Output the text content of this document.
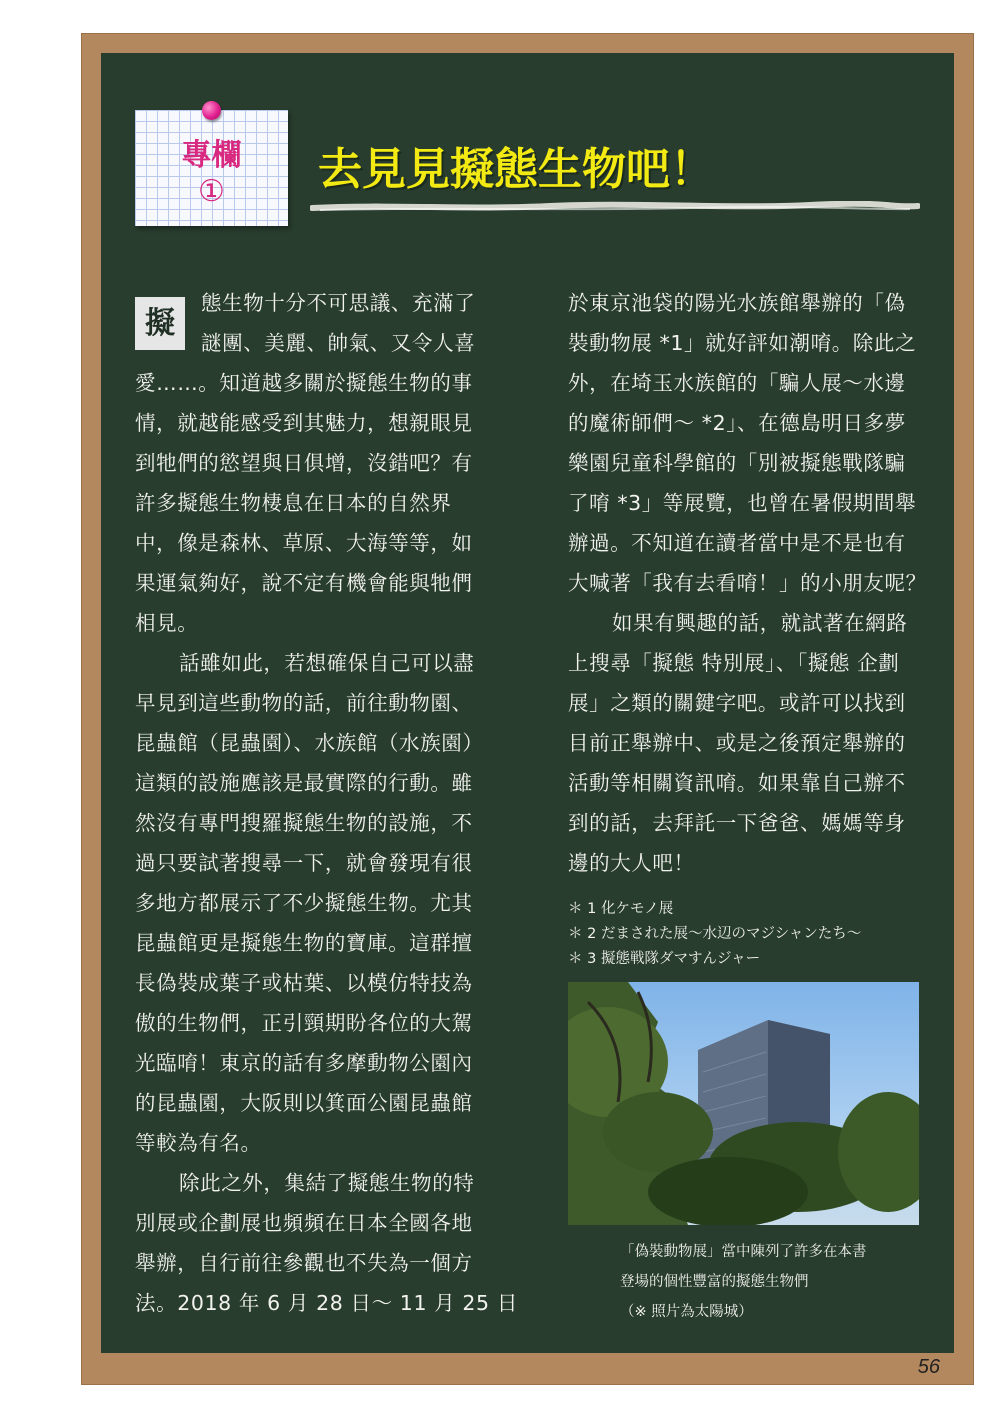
專欄
①	去見見擬態生物吧！
擬
態生物十分不可思議、充滿了
謎團、美麗、帥氣、又令人喜
愛……。知道越多關於擬態生物的事
情，就越能感受到其魅力，想親眼見
到牠們的慾望與日俱增，沒錯吧？有
許多擬態生物棲息在日本的自然界
中，像是森林、草原、大海等等，如
果運氣夠好，說不定有機會能與牠們
相見。
話雖如此，若想確保自己可以盡
早見到這些動物的話，前往動物園、
昆蟲館（昆蟲園）、水族館（水族園）
這類的設施應該是最實際的行動。雖
然沒有專門搜羅擬態生物的設施，不
過只要試著搜尋一下，就會發現有很
多地方都展示了不少擬態生物。尤其
昆蟲館更是擬態生物的寶庫。這群擅
長偽裝成葉子或枯葉、以模仿特技為
傲的生物們，正引頸期盼各位的大駕
光臨唷！東京的話有多摩動物公園內
的昆蟲園，大阪則以箕面公園昆蟲館
等較為有名。
除此之外，集結了擬態生物的特
別展或企劃展也頻頻在日本全國各地
舉辦，自行前往參觀也不失為一個方
法。2018 年 6 月 28 日～ 11 月 25 日
於東京池袋的陽光水族館舉辦的「偽
裝動物展 *1」就好評如潮唷。除此之
外，在埼玉水族館的「騙人展～水邊
的魔術師們～ *2」、在德島明日多夢
樂園兒童科學館的「別被擬態戰隊騙
了唷 *3」等展覽，也曾在暑假期間舉
辦過。不知道在讀者當中是不是也有
大喊著「我有去看唷！」的小朋友呢？
如果有興趣的話，就試著在網路
上搜尋「擬態 特別展」、「擬態 企劃
展」之類的關鍵字吧。或許可以找到
目前正舉辦中、或是之後預定舉辦的
活動等相關資訊唷。如果靠自己辦不
到的話，去拜託一下爸爸、媽媽等身
邊的大人吧！
＊ 1 化ケモノ展
＊ 2 だまされた展～水辺のマジシャンたち～
＊ 3 擬態戦隊ダマすんジャー
「偽裝動物展」當中陳列了許多在本書
登場的個性豐富的擬態生物們
（※ 照片為太陽城）
56
